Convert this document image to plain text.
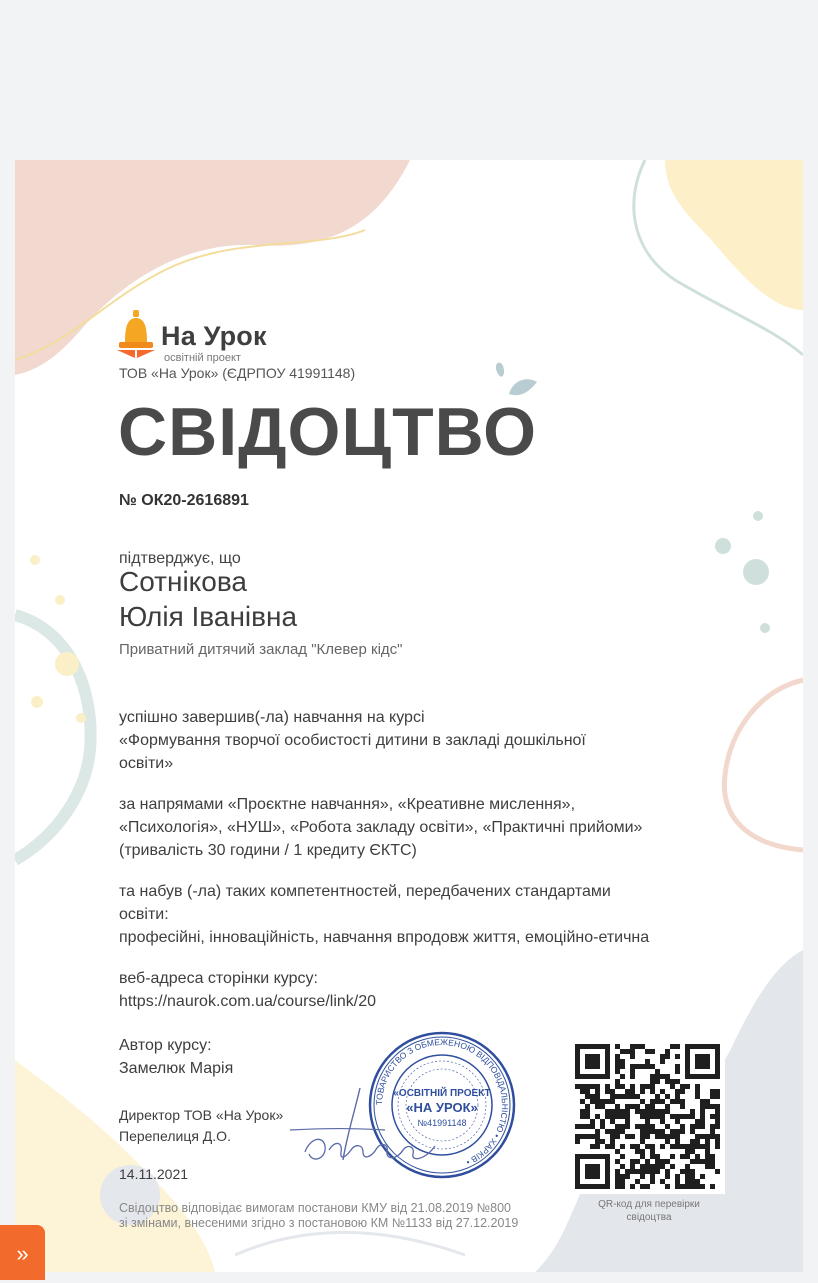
На Урок
освітній проект
ТОВ «На Урок» (ЄДРПОУ 41991148)
СВІДОЦТВО
№ ОК20-2616891
підтверджує, що
Сотнікова
Юлія Іванівна
Приватний дитячий заклад "Клевер кідс"
успішно завершив(-ла) навчання на курсі
«Формування творчої особистості дитини в закладі дошкільної
освіти»
за напрямами «Проєктне навчання», «Креативне мислення»,
«Психологія», «НУШ», «Робота закладу освіти», «Практичні прийоми»
(тривалість 30 години / 1 кредиту ЄКТС)
та набув (-ла) таких компетентностей, передбачених стандартами
освіти:
професійні, інноваційність, навчання впродовж життя, емоційно-етична
веб-адреса сторінки курсу:
https://naurok.com.ua/course/link/20
Автор курсу:
Замелюк Марія
Директор ТОВ «На Урок»
Перепелиця Д.О.
14.11.2021
Свідоцтво відповідає вимогам постанови КМУ від 21.08.2019 №800
зі змінами, внесеними згідно з постановою КМ №1133 від 27.12.2019
ТОВАРИСТВО З ОБМЕЖЕНОЮ ВІДПОВІДАЛЬНІСТЮ • ХАРКІВ •
«ОСВІТНІЙ ПРОЕКТ
«НА УРОК»
№41991148
QR-код для перевірки
свідоцтва
»
